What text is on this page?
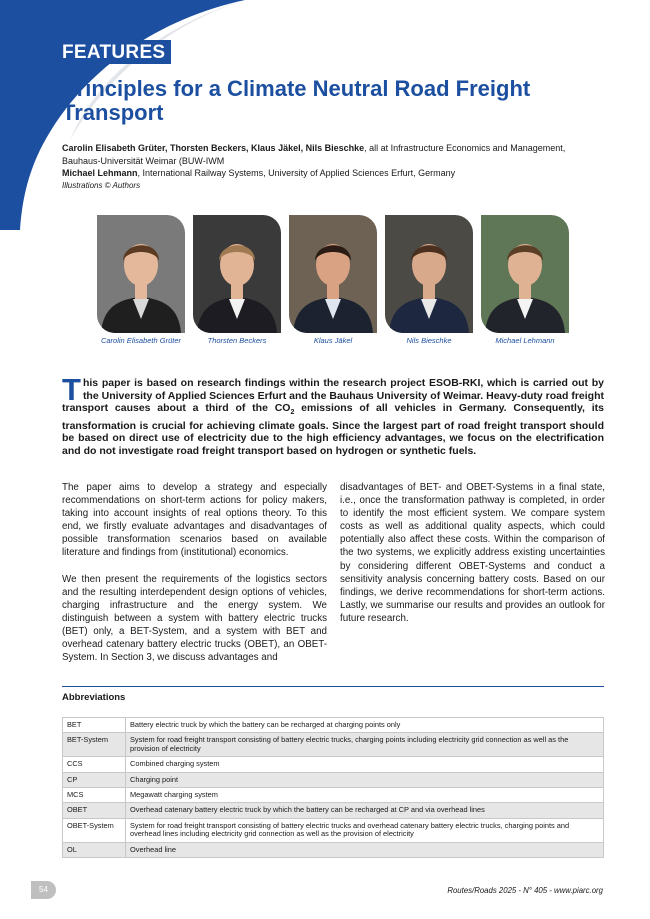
FEATURES
Principles for a Climate Neutral Road Freight Transport
Carolin Elisabeth Grüter, Thorsten Beckers, Klaus Jäkel, Nils Bieschke, all at Infrastructure Economics and Management,
Bauhaus-Universität Weimar (BUW-IWM
Michael Lehmann, International Railway Systems, University of Applied Sciences Erfurt, Germany
Illustrations © Authors
This paper is based on research findings within the research project ESOB-RKI, which is carried out by the University of Applied Sciences Erfurt and the Bauhaus University of Weimar. Heavy-duty road freight transport causes about a third of the $CO_2$ emissions of all vehicles in Germany. Consequently, its transformation is crucial for achieving climate goals. Since the largest part of road freight transport should be based on direct use of electricity due to the high efficiency advantages, we focus on the electrification and do not investigate road freight transport based on hydrogen or synthetic fuels.

The paper aims to develop a strategy and especially recommendations on short-term actions for policy makers, taking into account insights of real options theory. To this end, we firstly evaluate advantages and disadvantages of possible transformation scenarios based on available literature and findings from (institutional) economics.

We then present the requirements of the logistics sectors and the resulting interdependent design options of vehicles, charging infrastructure and the energy system. We distinguish between a system with battery electric trucks (BET) only, a BET-System, and a system with BET and overhead catenary battery electric trucks (OBET), an OBET-System. In Section 3, we discuss advantages and

disadvantages of BET- and OBET-Systems in a final state, i.e., once the transformation pathway is completed, in order to identify the most efficient system. We compare system costs as well as additional quality aspects, which could potentially also affect these costs. Within the comparison of the two systems, we explicitly address existing uncertainties by considering different OBET-Systems and conduct a sensitivity analysis concerning battery costs. Based on our findings, we derive recommendations for short-term actions. Lastly, we summarise our results and provides an outlook for future research.

Abbreviations
BET	Battery electric truck by which the battery can be recharged at charging points only
BET-System	System for road freight transport consisting of battery electric trucks, charging points including electricity grid connection as well as the provision of electricity
CCS	Combined charging system
CP	Charging point
MCS	Megawatt charging system
OBET	Overhead catenary battery electric truck by which the battery can be recharged at CP and via overhead lines
OBET-System	System for road freight transport consisting of battery electric trucks and overhead catenary battery electric trucks, charging points and overhead lines including electricity grid connection as well as the provision of electricity
OL	Overhead line
54	Routes/Roads 2025 - N° 405 - www.piarc.org
Carolin Elisabeth Grüter	Thorsten Beckers	Klaus Jäkel	Nils Bieschke	Michael Lehmann
